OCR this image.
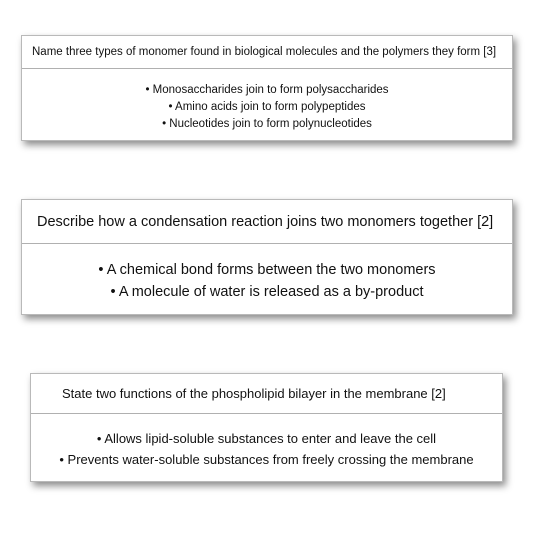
Name three types of monomer found in biological molecules and the polymers they form [3]
• Monosaccharides join to form polysaccharides
• Amino acids join to form polypeptides
• Nucleotides join to form polynucleotides
Describe how a condensation reaction joins two monomers together [2]
• A chemical bond forms between the two monomers
• A molecule of water is released as a by-product
State two functions of the phospholipid bilayer in the membrane [2]
• Allows lipid-soluble substances to enter and leave the cell
• Prevents water-soluble substances from freely crossing the membrane
